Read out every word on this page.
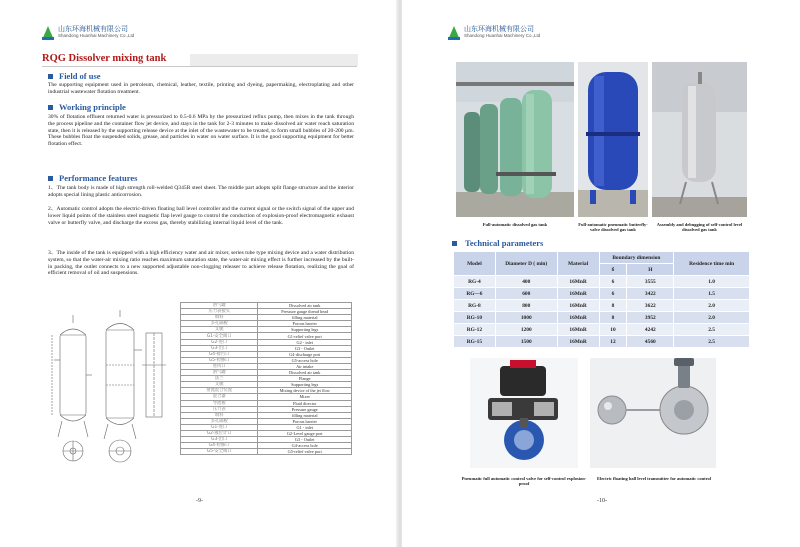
山东环海机械有限公司
Shandong Huanhai Machinery Co.,Ltd
RQG Dissolver mixing tank
Field of use
The supporting equipment used in petroleum, chemical, leather, textile, printing and dyeing, papermaking, electroplating and other industrial wastewater flotation treatment.
Working principle
30% of flotation effluent returned water is pressurized to 0.5-0.6 MPa by the pressurized reflux pump, then mixes in the tank through the process pipeline and the container flow jet device, and stays in the tank for 2-3 minutes to make dissolved air water reach saturation state, then it is released by the supporting release device at the inlet of the wastewater to be treated, to form small bubbles of 20-200 µm. These bubbles float the suspended solids, grease, and particles in water on water surface. It is the good supporting equipment for better flotation effect.
Performance features
1、The tank body is made of high strength roll-welded Q345R steel sheet. The middle part adopts split flange structure and the interior adopts special lining plastic anticorrosion.
2、Automatic control adopts the electric-driven floating ball level controller and the current signal or the switch signal of the upper and lower liquid points of the stainless steel magnetic flap level gauge to control the conduction of explosion-proof electromagnetic exhaust valve or butterfly valve, and discharge the excess gas, thereby stabilizing internal liquid level of the tank.
3、The inside of the tank is equipped with a high efficiency water and air mixer, series tube type mixing device and a water distribution system, so that the water-air mixing ratio reaches maximum saturation state, the water-air mixing effect is further increased by the built-in packing, the outlet connects to a new supported adjustable non-clogging releaser to achieve release flotation, realizing the goal of efficient removal of oil and suspensions.
溶气罐	Dissolved air tank
压力表接头	Pressure gauge thread head
填料	filling material
多孔隔板	Porous barrier
支腿	Supporting legs
G1-安全阀口	G1-relief valve port
G2-进口	G2 - inlet
G3-出口	G3 - Outlet
G4-排污口	G4-discharge port
G5-检修口	G5-access hole
进风口	Air intake
溶气罐	Dissolved air tank
法兰	Flange
支腿	Supporting legs
射流混合装置	Mixing device of the jet flow
混合器	Mixer
导流板	Fluid director
压力表	Pressure gauge
填料	filling material
多孔隔板	Porous barrier
G1-进口	G1 - inlet
G2-液位计口	G2-Level gauge port
G3-出口	G3 - Outlet
G4-检修口	G4-access hole
G5-安全阀口	G5-relief valve port
-9-
山东环海机械有限公司
Shandong Huanhai Machinery Co.,Ltd
Full-automatic dissolved gas tank	Full-automatic pneumatic butterfly-valve dissolved gas tank
Assembly and debugging of self-control level dissolved gas tank
Technical parameters
Model	Diameter D ( min)	Material	Boundary dimension		Residence time min
			б	H	
RG-4	400	16MnR	6	3555	1.0
RG—6	600	16MnR	6	3422	1.5
RG-8	800	16MnR	8	3622	2.0
RG-10	1000	16MnR	8	3952	2.0
RG-12	1200	16MnR	10	4242	2.5
RG-15	1500	16MnR	12	4560	2.5
Pneumatic full automatic control valve for self-control explosion-proof
Electric floating ball level transmitter for automatic control
-10-
